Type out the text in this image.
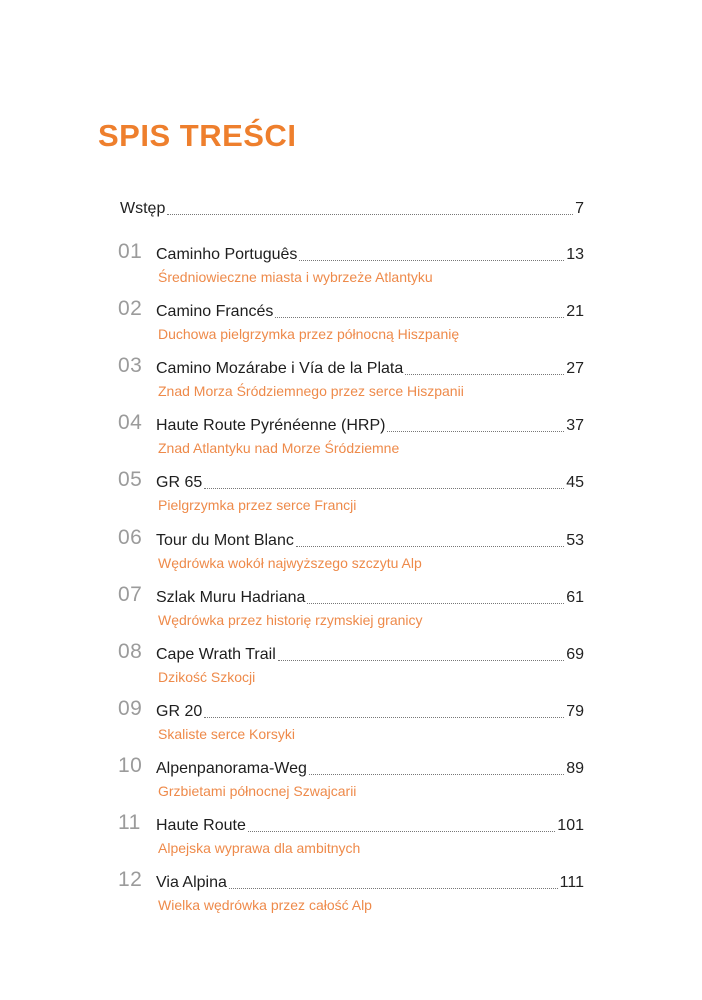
SPIS TREŚCI
Wstęp	7
01 Caminho Português	13
Średniowieczne miasta i wybrzeże Atlantyku
02 Camino Francés	21
Duchowa pielgrzymka przez północną Hiszpanię
03 Camino Mozárabe i Vía de la Plata	27
Znad Morza Śródziemnego przez serce Hiszpanii
04 Haute Route Pyrénéenne (HRP)	37
Znad Atlantyku nad Morze Śródziemne
05 GR 65	45
Pielgrzymka przez serce Francji
06 Tour du Mont Blanc	53
Wędrówka wokół najwyższego szczytu Alp
07 Szlak Muru Hadriana	61
Wędrówka przez historię rzymskiej granicy
08 Cape Wrath Trail	69
Dzikość Szkocji
09 GR 20	79
Skaliste serce Korsyki
10 Alpenpanorama-Weg	89
Grzbietami północnej Szwajcarii
11 Haute Route	101
Alpejska wyprawa dla ambitnych
12 Via Alpina	111
Wielka wędrówka przez całość Alp
